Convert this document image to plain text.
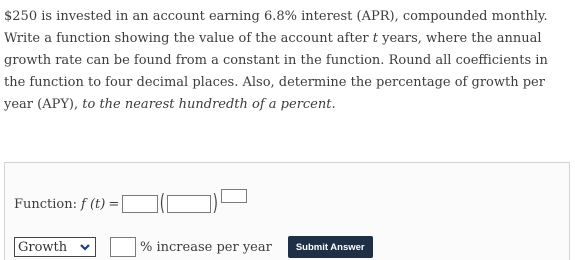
$250 is invested in an account earning 6.8% interest (APR), compounded monthly.
Write a function showing the value of the account after t years, where the annual
growth rate can be found from a constant in the function. Round all coefficients in
the function to four decimal places. Also, determine the percentage of growth per
year (APY), to the nearest hundredth of a percent.
Function: f (t) = ( )
Growth	% increase per year	Submit Answer
